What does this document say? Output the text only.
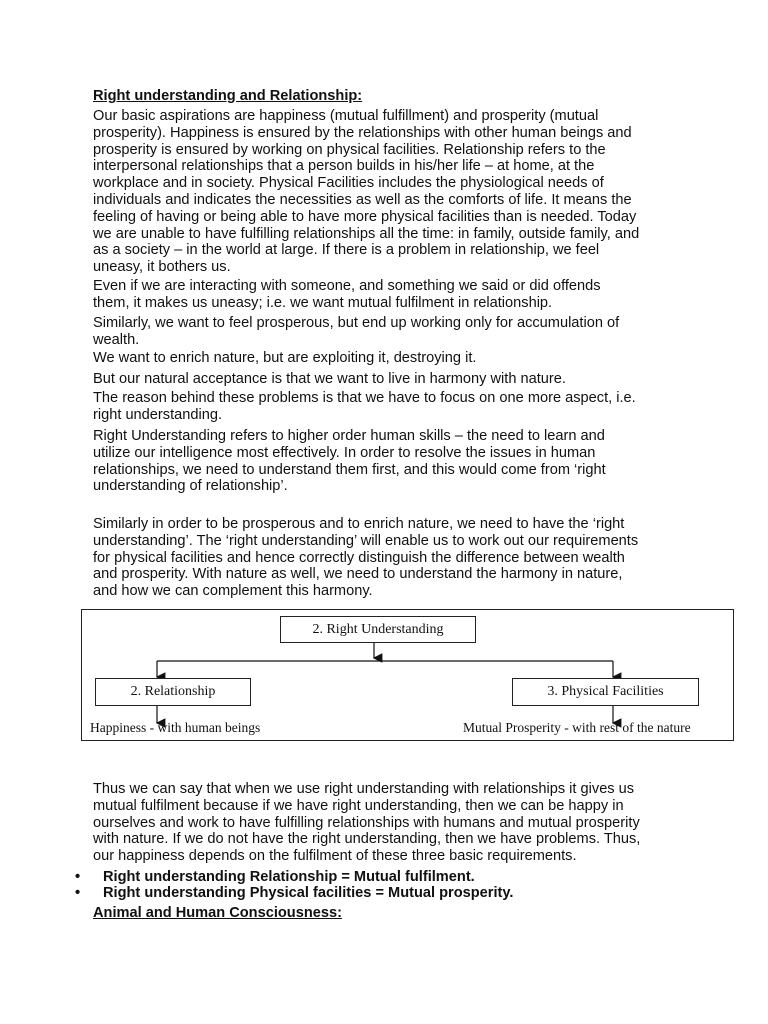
Right understanding and Relationship:
Our basic aspirations are happiness (mutual fulfillment) and prosperity (mutual
prosperity). Happiness is ensured by the relationships with other human beings and
prosperity is ensured by working on physical facilities. Relationship refers to the
interpersonal relationships that a person builds in his/her life – at home, at the
workplace and in society. Physical Facilities includes the physiological needs of
individuals and indicates the necessities as well as the comforts of life. It means the
feeling of having or being able to have more physical facilities than is needed. Today
we are unable to have fulfilling relationships all the time: in family, outside family, and
as a society – in the world at large. If there is a problem in relationship, we feel
uneasy, it bothers us.
Even if we are interacting with someone, and something we said or did offends
them, it makes us uneasy; i.e. we want mutual fulfilment in relationship.
Similarly, we want to feel prosperous, but end up working only for accumulation of
wealth.
We want to enrich nature, but are exploiting it, destroying it.
But our natural acceptance is that we want to live in harmony with nature.
The reason behind these problems is that we have to focus on one more aspect, i.e.
right understanding.
Right Understanding refers to higher order human skills – the need to learn and
utilize our intelligence most effectively. In order to resolve the issues in human
relationships, we need to understand them first, and this would come from ‘right
understanding of relationship’.
Similarly in order to be prosperous and to enrich nature, we need to have the ‘right
understanding’. The ‘right understanding’ will enable us to work out our requirements
for physical facilities and hence correctly distinguish the difference between wealth
and prosperity. With nature as well, we need to understand the harmony in nature,
and how we can complement this harmony.
Thus we can say that when we use right understanding with relationships it gives us
mutual fulfilment because if we have right understanding, then we can be happy in
ourselves and work to have fulfilling relationships with humans and mutual prosperity
with nature. If we do not have the right understanding, then we have problems. Thus,
our happiness depends on the fulfilment of these three basic requirements.
2. Right Understanding
2. Relationship	3. Physical Facilities
Happiness - with human beings	Mutual Prosperity - with rest of the nature
• Right understanding Relationship = Mutual fulfilment.
• Right understanding Physical facilities = Mutual prosperity.
Animal and Human Consciousness:
